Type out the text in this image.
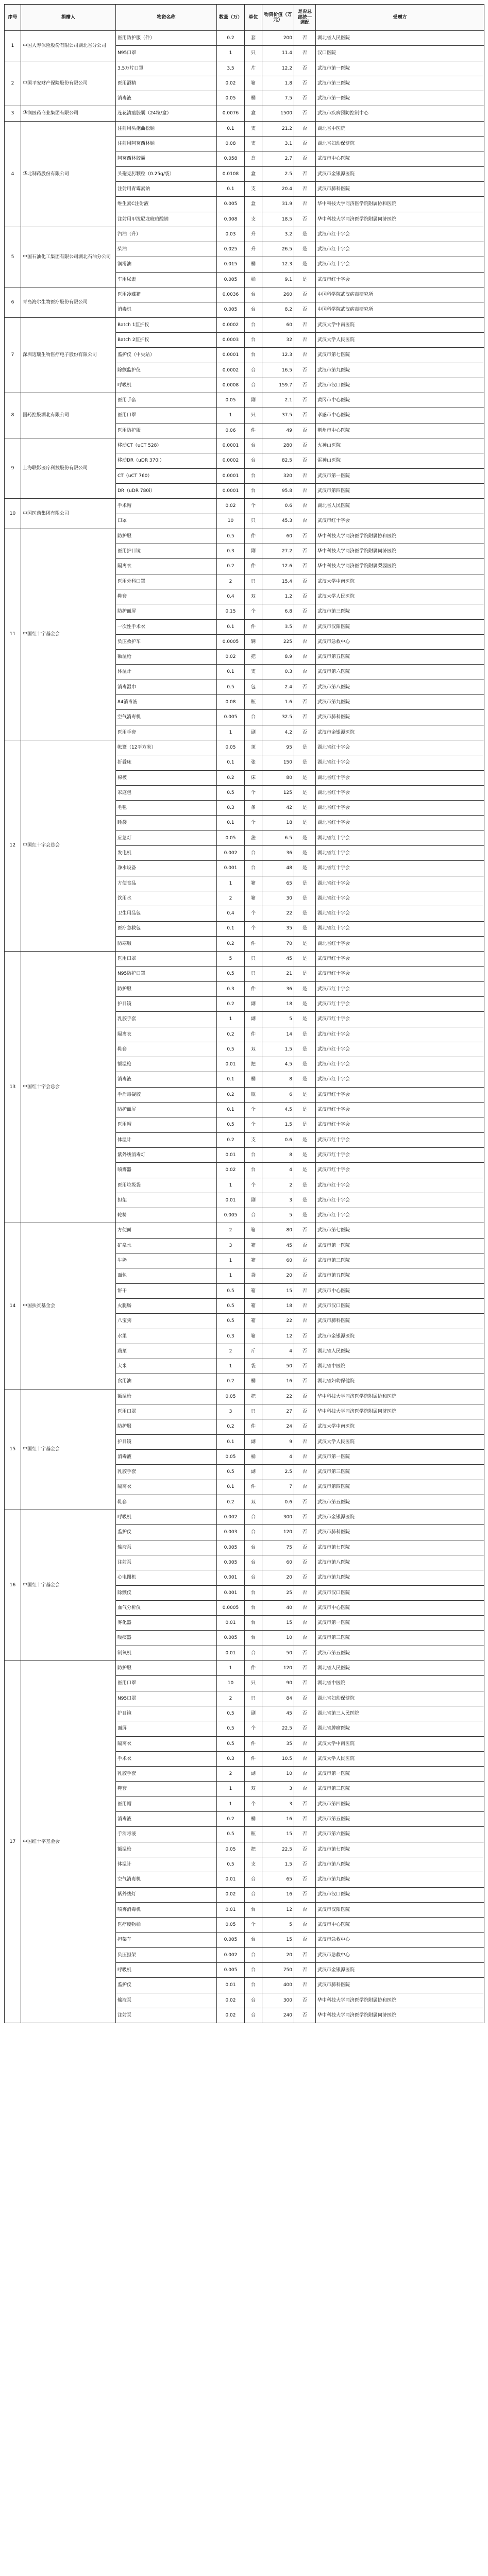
序号	捐赠人	物资名称	数量（万）	单位	物资价值（万元）	是否总部统一调配	受赠方
1	中国人寿保险股份有限公司湖北省分公司	医用防护服（件）	0.2	套	200	否	湖北省人民医院
		N95口罩	1	只	11.4	否	汉口医院
2	中国平安财产保险股份有限公司	3.5万片口罩	3.5	片	12.2	否	武汉市第一医院
		医用酒精	0.02	箱	1.8	否	武汉市第三医院
		消毒液	0.05	桶	7.5	否	武汉市第一医院
3	华润医药商业集团有限公司	连花清瘟胶囊（24粒/盒）	0.0076	盒	1500	否	武汉市疾病预防控制中心
4	华北制药股份有限公司	注射用头孢曲松钠	0.1	支	21.2	否	湖北省中医院
		注射用阿莫西林钠	0.08	支	3.1	否	湖北省妇幼保健院
		阿莫西林胶囊	0.058	盒	2.7	否	武汉市中心医院
		头孢克肟颗粒（0.25g/袋）	0.0108	盒	2.5	否	武汉市金银潭医院
		注射用青霉素钠	0.1	支	20.4	否	武汉市肺科医院
		维生素C注射液	0.005	盒	31.9	否	华中科技大学同济医学院附属协和医院
		注射用甲泼尼龙琥珀酸钠	0.008	支	18.5	否	华中科技大学同济医学院附属同济医院
5	中国石油化工集团有限公司湖北石油分公司	汽油（升）	0.03	升	3.2	是	武汉市红十字会
		柴油	0.025	升	26.5	是	武汉市红十字会
		润滑油	0.015	桶	12.3	是	武汉市红十字会
		车用尿素	0.005	桶	9.1	是	武汉市红十字会
6	青岛海尔生物医疗股份有限公司	医用冷藏箱	0.0036	台	260	否	中国科学院武汉病毒研究所
		消毒机	0.005	台	8.2	否	中国科学院武汉病毒研究所
7	深圳迈瑞生物医疗电子股份有限公司	Batch 1监护仪	0.0002	台	60	否	武汉大学中南医院
		Batch 2监护仪	0.0003	台	32	否	武汉大学人民医院
		监护仪（中央站）	0.0001	台	12.3	否	武汉市第七医院
		除颤监护仪	0.0002	台	16.5	否	武汉市第九医院
		呼吸机	0.0008	台	159.7	否	武汉市汉口医院
8	国药控股湖北有限公司	医用手套	0.05	副	2.1	否	黄冈市中心医院
		医用口罩	1	只	37.5	否	孝感市中心医院
		医用防护服	0.06	件	49	否	荆州市中心医院
9	上海联影医疗科技股份有限公司	移动CT（uCT 528）	0.0001	台	280	否	火神山医院
		移动DR（uDR 370i）	0.0002	台	82.5	否	雷神山医院
		CT（uCT 760）	0.0001	台	320	否	武汉市第一医院
		DR（uDR 780i）	0.0001	台	95.8	否	武汉市第四医院
10	中国医药集团有限公司	手术帽	0.02	个	0.6	否	湖北省人民医院
		口罩	10	只	45.3	否	武汉市红十字会
11	中国红十字基金会	防护服	0.5	件	60	否	华中科技大学同济医学院附属协和医院
		医用护目镜	0.3	副	27.2	否	华中科技大学同济医学院附属同济医院
		隔离衣	0.2	件	12.6	否	华中科技大学同济医学院附属梨园医院
		医用外科口罩	2	只	15.4	否	武汉大学中南医院
		鞋套	0.4	双	1.2	否	武汉大学人民医院
		防护面屏	0.15	个	6.8	否	武汉市第三医院
		一次性手术衣	0.1	件	3.5	否	武汉市汉阳医院
		负压救护车	0.0005	辆	225	否	武汉市急救中心
		额温枪	0.02	把	8.9	否	武汉市第五医院
		体温计	0.1	支	0.3	否	武汉市第六医院
		消毒湿巾	0.5	包	2.4	否	武汉市第八医院
		84消毒液	0.08	瓶	1.6	否	武汉市第九医院
		空气消毒机	0.005	台	32.5	否	武汉市肺科医院
		医用手套	1	副	4.2	否	武汉市金银潭医院
12	中国红十字会总会	帐篷（12平方米）	0.05	顶	95	是	湖北省红十字会
		折叠床	0.1	张	150	是	湖北省红十字会
		棉被	0.2	床	80	是	湖北省红十字会
		家庭包	0.5	个	125	是	湖北省红十字会
		毛毯	0.3	条	42	是	湖北省红十字会
		睡袋	0.1	个	18	是	湖北省红十字会
		应急灯	0.05	盏	6.5	是	湖北省红十字会
		发电机	0.002	台	36	是	湖北省红十字会
		净水设备	0.001	台	48	是	湖北省红十字会
		方便食品	1	箱	65	是	湖北省红十字会
		饮用水	2	箱	30	是	湖北省红十字会
		卫生用品包	0.4	个	22	是	湖北省红十字会
		医疗急救包	0.1	个	35	是	湖北省红十字会
		防寒服	0.2	件	70	是	湖北省红十字会
13	中国红十字会总会	医用口罩	5	只	45	是	武汉市红十字会
		N95防护口罩	0.5	只	21	是	武汉市红十字会
		防护服	0.3	件	36	是	武汉市红十字会
		护目镜	0.2	副	18	是	武汉市红十字会
		乳胶手套	1	副	5	是	武汉市红十字会
		隔离衣	0.2	件	14	是	武汉市红十字会
		鞋套	0.5	双	1.5	是	武汉市红十字会
		额温枪	0.01	把	4.5	是	武汉市红十字会
		消毒液	0.1	桶	8	是	武汉市红十字会
		手消毒凝胶	0.2	瓶	6	是	武汉市红十字会
		防护面屏	0.1	个	4.5	是	武汉市红十字会
		医用帽	0.5	个	1.5	是	武汉市红十字会
		体温计	0.2	支	0.6	是	武汉市红十字会
		紫外线消毒灯	0.01	台	8	是	武汉市红十字会
		喷雾器	0.02	台	4	是	武汉市红十字会
		医用垃圾袋	1	个	2	是	武汉市红十字会
		担架	0.01	副	3	是	武汉市红十字会
		轮椅	0.005	台	5	是	武汉市红十字会
14	中国扶贫基金会	方便面	2	箱	80	否	武汉市第七医院
		矿泉水	3	箱	45	否	武汉市第一医院
		牛奶	1	箱	60	否	武汉市第三医院
		面包	1	袋	20	否	武汉市第五医院
		饼干	0.5	箱	15	否	武汉市中心医院
		火腿肠	0.5	箱	18	否	武汉市汉口医院
		八宝粥	0.5	箱	22	否	武汉市肺科医院
		水果	0.3	箱	12	否	武汉市金银潭医院
		蔬菜	2	斤	4	否	湖北省人民医院
		大米	1	袋	50	否	湖北省中医院
		食用油	0.2	桶	16	否	湖北省妇幼保健院
15	中国红十字基金会	额温枪	0.05	把	22	否	华中科技大学同济医学院附属协和医院
		医用口罩	3	只	27	否	华中科技大学同济医学院附属同济医院
		防护服	0.2	件	24	否	武汉大学中南医院
		护目镜	0.1	副	9	否	武汉大学人民医院
		消毒液	0.05	桶	4	否	武汉市第一医院
		乳胶手套	0.5	副	2.5	否	武汉市第三医院
		隔离衣	0.1	件	7	否	武汉市第四医院
		鞋套	0.2	双	0.6	否	武汉市第五医院
16	中国红十字基金会	呼吸机	0.002	台	300	否	武汉市金银潭医院
		监护仪	0.003	台	120	否	武汉市肺科医院
		输液泵	0.005	台	75	否	武汉市第七医院
		注射泵	0.005	台	60	否	武汉市第八医院
		心电图机	0.001	台	20	否	武汉市第九医院
		除颤仪	0.001	台	25	否	武汉市汉口医院
		血气分析仪	0.0005	台	40	否	武汉市中心医院
		雾化器	0.01	台	15	否	武汉市第一医院
		吸痰器	0.005	台	10	否	武汉市第三医院
		制氧机	0.01	台	50	否	武汉市第五医院
17	中国红十字基金会	防护服	1	件	120	否	湖北省人民医院
		医用口罩	10	只	90	否	湖北省中医院
		N95口罩	2	只	84	否	湖北省妇幼保健院
		护目镜	0.5	副	45	否	湖北省第三人民医院
		面屏	0.5	个	22.5	否	湖北省肿瘤医院
		隔离衣	0.5	件	35	否	武汉大学中南医院
		手术衣	0.3	件	10.5	否	武汉大学人民医院
		乳胶手套	2	副	10	否	武汉市第一医院
		鞋套	1	双	3	否	武汉市第三医院
		医用帽	1	个	3	否	武汉市第四医院
		消毒液	0.2	桶	16	否	武汉市第五医院
		手消毒液	0.5	瓶	15	否	武汉市第六医院
		额温枪	0.05	把	22.5	否	武汉市第七医院
		体温计	0.5	支	1.5	否	武汉市第八医院
		空气消毒机	0.01	台	65	否	武汉市第九医院
		紫外线灯	0.02	台	16	否	武汉市汉口医院
		喷雾消毒机	0.01	台	12	否	武汉市汉阳医院
		医疗废物桶	0.05	个	5	否	武汉市中心医院
		担架车	0.005	台	15	否	武汉市急救中心
		负压担架	0.002	台	20	否	武汉市急救中心
		呼吸机	0.005	台	750	否	武汉市金银潭医院
		监护仪	0.01	台	400	否	武汉市肺科医院
		输液泵	0.02	台	300	否	华中科技大学同济医学院附属协和医院
		注射泵	0.02	台	240	否	华中科技大学同济医学院附属同济医院
